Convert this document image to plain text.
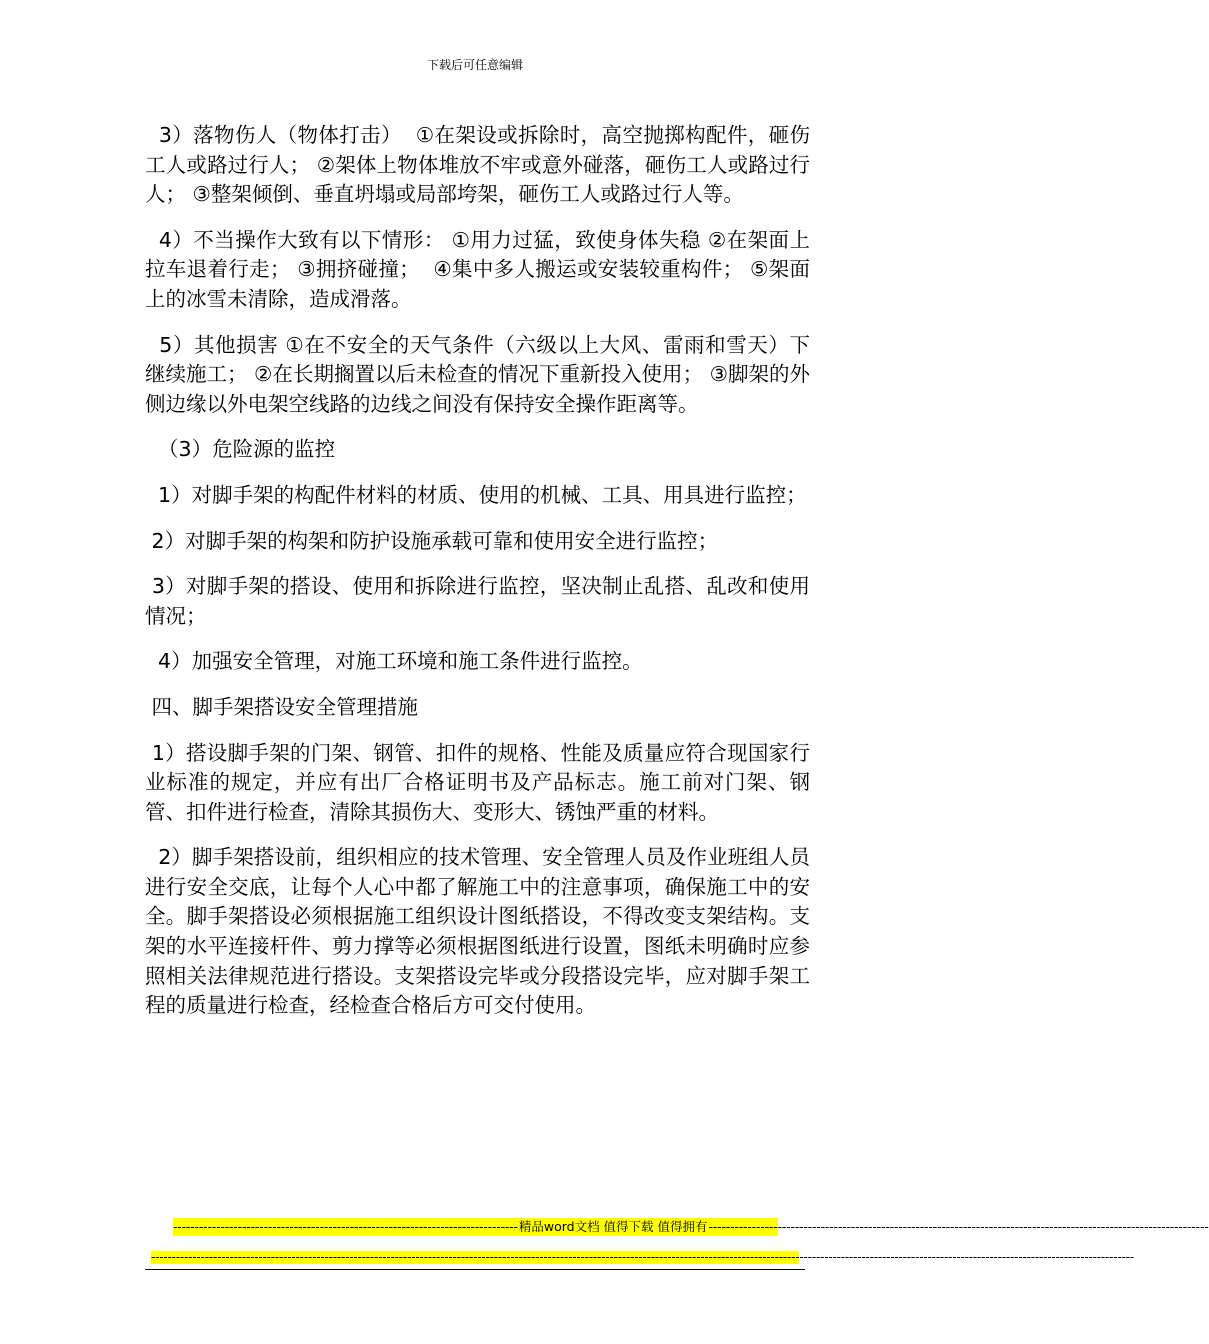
下载后可任意编辑

3）落物伤人（物体打击）  ①在架设或拆除时，高空抛掷构配件，砸伤工人或路过行人； ②架体上物体堆放不牢或意外碰落，砸伤工人或路过行人； ③整架倾倒、垂直坍塌或局部垮架，砸伤工人或路过行人等。

4）不当操作大致有以下情形： ①用力过猛，致使身体失稳 ②在架面上拉车退着行走； ③拥挤碰撞；  ④集中多人搬运或安装较重构件； ⑤架面上的冰雪未清除，造成滑落。

5）其他损害 ①在不安全的天气条件（六级以上大风、雷雨和雪天）下继续施工； ②在长期搁置以后未检查的情况下重新投入使用； ③脚架的外侧边缘以外电架空线路的边线之间没有保持安全操作距离等。

（3）危险源的监控

1）对脚手架的构配件材料的材质、使用的机械、工具、用具进行监控；

2）对脚手架的构架和防护设施承载可靠和使用安全进行监控；

3）对脚手架的搭设、使用和拆除进行监控，坚决制止乱搭、乱改和使用情况；

4）加强安全管理，对施工环境和施工条件进行监控。

四、脚手架搭设安全管理措施

1）搭设脚手架的门架、钢管、扣件的规格、性能及质量应符合现国家行业标准的规定，并应有出厂合格证明书及产品标志。施工前对门架、钢管、扣件进行检查，清除其损伤大、变形大、锈蚀严重的材料。

2）脚手架搭设前，组织相应的技术管理、安全管理人员及作业班组人员进行安全交底，让每个人心中都了解施工中的注意事项，确保施工中的安全。脚手架搭设必须根据施工组织设计图纸搭设，不得改变支架结构。支架的水平连接杆件、剪力撑等必须根据图纸进行设置，图纸未明确时应参照相关法律规范进行搭设。支架搭设完毕或分段搭设完毕，应对脚手架工程的质量进行检查，经检查合格后方可交付使用。

-------------------------------------------------------------------------------- 精品word文档 值得下载 值得拥有 --------------------------------------------------------------------------------------------------------------------
----------------------------------------------------------------------------------------------------------------------------------------------------------------------------------------------------------------------------------------------
